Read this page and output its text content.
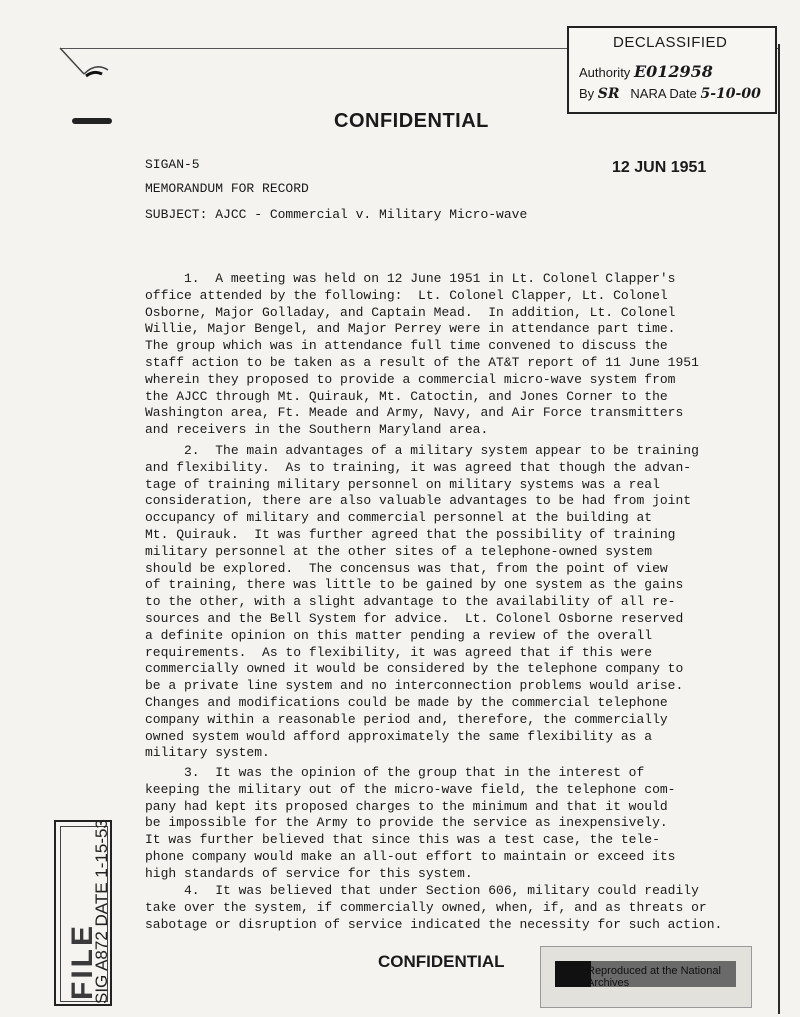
DECLASSIFIED
Authority E012958
By SR NARA Date 5-10-00
CONFIDENTIAL
SIGAN-5	12 JUN 1951
MEMORANDUM FOR RECORD
SUBJECT: AJCC - Commercial v. Military Micro-wave
1.  A meeting was held on 12 June 1951 in Lt. Colonel Clapper's
office attended by the following:  Lt. Colonel Clapper, Lt. Colonel
Osborne, Major Golladay, and Captain Mead.  In addition, Lt. Colonel
Willie, Major Bengel, and Major Perrey were in attendance part time.
The group which was in attendance full time convened to discuss the
staff action to be taken as a result of the AT&T report of 11 June 1951
wherein they proposed to provide a commercial micro-wave system from
the AJCC through Mt. Quirauk, Mt. Catoctin, and Jones Corner to the
Washington area, Ft. Meade and Army, Navy, and Air Force transmitters
and receivers in the Southern Maryland area.
2.  The main advantages of a military system appear to be training
and flexibility.  As to training, it was agreed that though the advan-
tage of training military personnel on military systems was a real
consideration, there are also valuable advantages to be had from joint
occupancy of military and commercial personnel at the building at
Mt. Quirauk.  It was further agreed that the possibility of training
military personnel at the other sites of a telephone-owned system
should be explored.  The concensus was that, from the point of view
of training, there was little to be gained by one system as the gains
to the other, with a slight advantage to the availability of all re-
sources and the Bell System for advice.  Lt. Colonel Osborne reserved
a definite opinion on this matter pending a review of the overall
requirements.  As to flexibility, it was agreed that if this were
commercially owned it would be considered by the telephone company to
be a private line system and no interconnection problems would arise.
Changes and modifications could be made by the commercial telephone
company within a reasonable period and, therefore, the commercially
owned system would afford approximately the same flexibility as a
military system.
3.  It was the opinion of the group that in the interest of
keeping the military out of the micro-wave field, the telephone com-
pany had kept its proposed charges to the minimum and that it would
be impossible for the Army to provide the service as inexpensively.
It was further believed that since this was a test case, the tele-
phone company would make an all-out effort to maintain or exceed its
high standards of service for this system.
4.  It was believed that under Section 606, military could readily
take over the system, if commercially owned, when, if, and as threats or
sabotage or disruption of service indicated the necessity for such action.
CONFIDENTIAL	Reproduced at the National Archives
FILE
SIG A872 DATE 1-15-53
